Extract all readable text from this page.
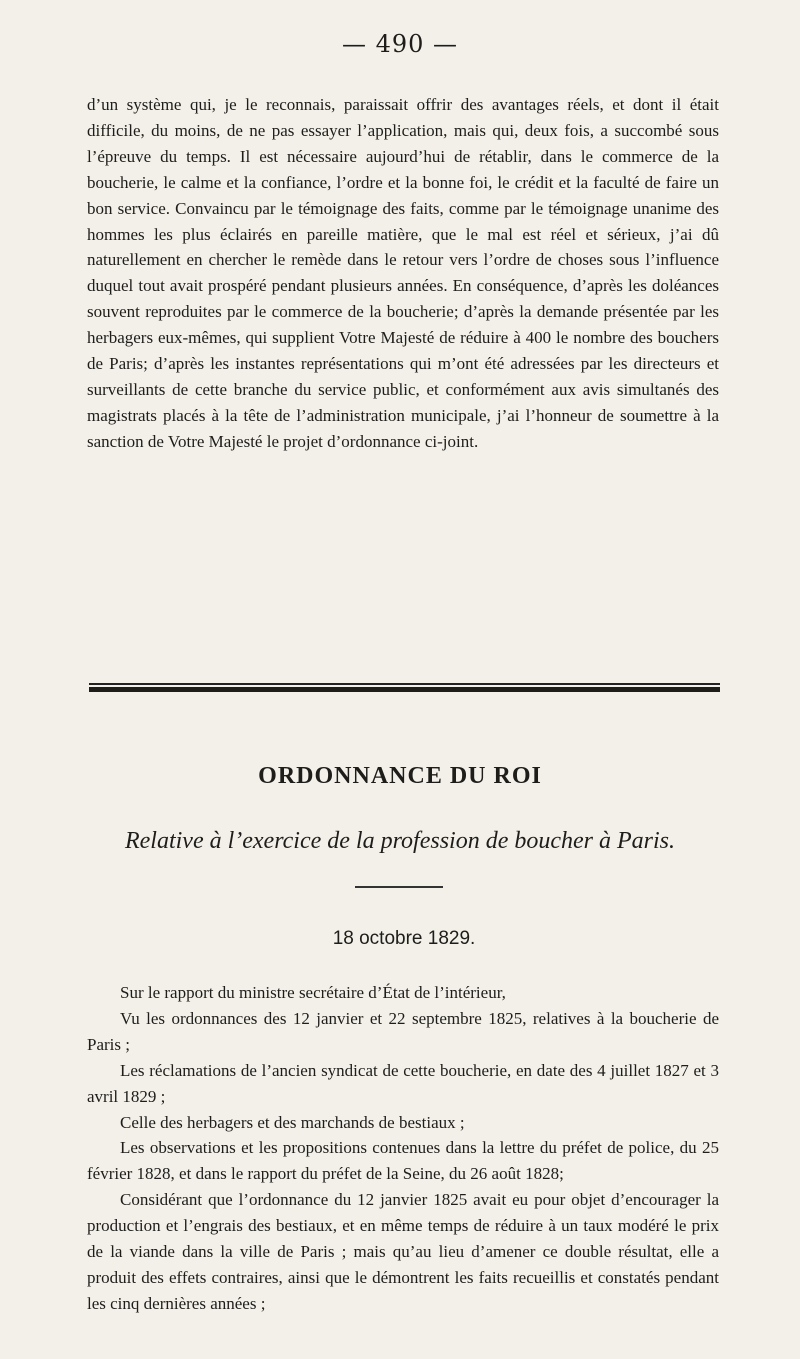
— 490 —

d’un système qui, je le reconnais, paraissait offrir des avantages réels, et dont il était difficile, du moins, de ne pas essayer l’application, mais qui, deux fois, a succombé sous l’épreuve du temps. Il est nécessaire aujourd’hui de rétablir, dans le commerce de la boucherie, le calme et la confiance, l’ordre et la bonne foi, le crédit et la faculté de faire un bon service. Convaincu par le témoignage des faits, comme par le témoignage unanime des hommes les plus éclairés en pareille matière, que le mal est réel et sérieux, j’ai dû naturellement en chercher le remède dans le retour vers l’ordre de choses sous l’influence duquel tout avait prospéré pendant plusieurs années. En conséquence, d’après les doléances souvent reproduites par le commerce de la boucherie; d’après la demande présentée par les herbagers eux-mêmes, qui supplient Votre Majesté de réduire à 400 le nombre des bouchers de Paris; d’après les instantes représentations qui m’ont été adressées par les directeurs et surveillants de cette branche du service public, et conformément aux avis simultanés des magistrats placés à la tête de l’administration municipale, j’ai l’honneur de soumettre à la sanction de Votre Majesté le projet d’ordonnance ci-joint.

ORDONNANCE DU ROI
Relative à l’exercice de la profession de boucher à Paris.
18 octobre 1829.

Sur le rapport du ministre secrétaire d’État de l’intérieur,

Vu les ordonnances des 12 janvier et 22 septembre 1825, relatives à la boucherie de Paris ;

Les réclamations de l’ancien syndicat de cette boucherie, en date des 4 juillet 1827 et 3 avril 1829 ;

Celle des herbagers et des marchands de bestiaux ;

Les observations et les propositions contenues dans la lettre du préfet de police, du 25 février 1828, et dans le rapport du préfet de la Seine, du 26 août 1828;

Considérant que l’ordonnance du 12 janvier 1825 avait eu pour objet d’encourager la production et l’engrais des bestiaux, et en même temps de réduire à un taux modéré le prix de la viande dans la ville de Paris ; mais qu’au lieu d’amener ce double résultat, elle a produit des effets contraires, ainsi que le démontrent les faits recueillis et constatés pendant les cinq dernières années ;
